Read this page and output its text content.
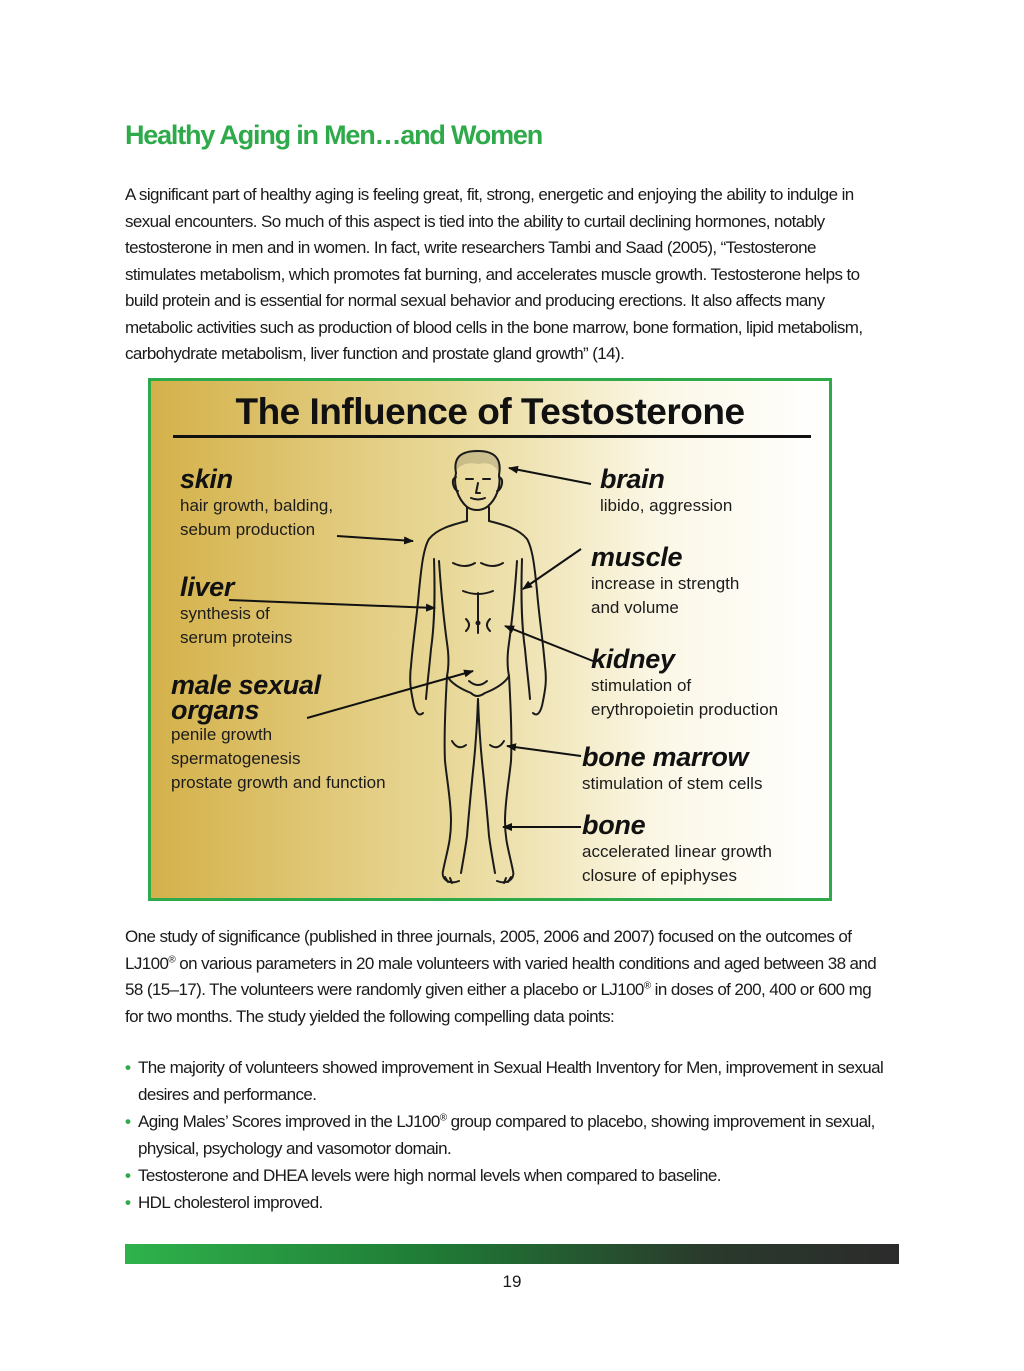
Healthy Aging in Men…and Women

A significant part of healthy aging is feeling great, fit, strong, energetic and enjoying the ability to indulge in sexual encounters. So much of this aspect is tied into the ability to curtail declining hormones, notably testosterone in men and in women. In fact, write researchers Tambi and Saad (2005), “Testosterone stimulates metabolism, which promotes fat burning, and accelerates muscle growth. Testosterone helps to build protein and is essential for normal sexual behavior and producing erections. It also affects many metabolic activities such as production of blood cells in the bone marrow, bone formation, lipid metabolism, carbohydrate metabolism, liver function and prostate gland growth” (14).

The Influence of Testosterone
skin
hair growth, balding,
sebum production
liver
synthesis of
serum proteins
male sexual
organs
penile growth
spermatogenesis
prostate growth and function
brain
libido, aggression
muscle
increase in strength
and volume
kidney
stimulation of
erythropoietin production
bone marrow
stimulation of stem cells
bone
accelerated linear growth
closure of epiphyses

One study of significance (published in three journals, 2005, 2006 and 2007) focused on the outcomes of LJ100® on various parameters in 20 male volunteers with varied health conditions and aged between 38 and 58 (15–17). The volunteers were randomly given either a placebo or LJ100® in doses of 200, 400 or 600 mg for two months. The study yielded the following compelling data points:

• The majority of volunteers showed improvement in Sexual Health Inventory for Men, improvement in sexual desires and performance.
• Aging Males’ Scores improved in the LJ100® group compared to placebo, showing improvement in sexual, physical, psychology and vasomotor domain.
• Testosterone and DHEA levels were high normal levels when compared to baseline.
• HDL cholesterol improved.
19
